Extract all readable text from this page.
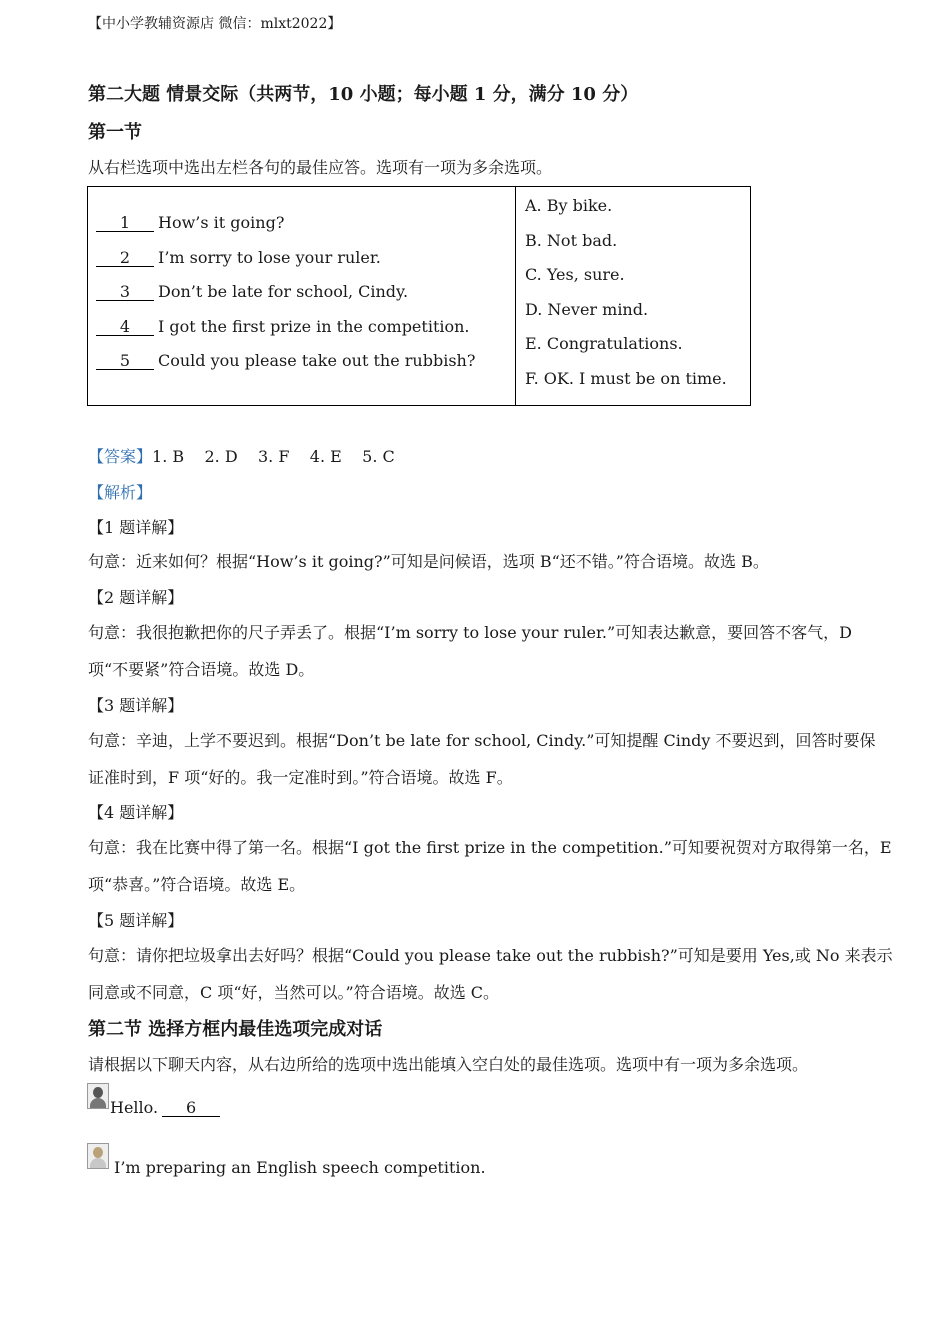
【中小学教辅资源店 微信：mlxt2022】
第二大题 情景交际（共两节，10 小题；每小题 1 分，满分 10 分）
第一节
从右栏选项中选出左栏各句的最佳应答。选项有一项为多余选项。
1 How’s it going?
2 I’m sorry to lose your ruler.
3 Don’t be late for school, Cindy.
4 I got the first prize in the competition.
5 Could you please take out the rubbish?
A. By bike.
B. Not bad.
C. Yes, sure.
D. Never mind.
E. Congratulations.
F. OK. I must be on time.
【答案】1. B    2. D    3. F    4. E    5. C
【解析】
【1 题详解】
句意：近来如何？根据“How’s it going?”可知是问候语，选项 B“还不错。”符合语境。故选 B。
【2 题详解】
句意：我很抱歉把你的尺子弄丢了。根据“I’m sorry to lose your ruler.”可知表达歉意，要回答不客气，D
项“不要紧”符合语境。故选 D。
【3 题详解】
句意：辛迪，上学不要迟到。根据“Don’t be late for school, Cindy.”可知提醒 Cindy 不要迟到，回答时要保
证准时到，F 项“好的。我一定准时到。”符合语境。故选 F。
【4 题详解】
句意：我在比赛中得了第一名。根据“I got the first prize in the competition.”可知要祝贺对方取得第一名，E
项“恭喜。”符合语境。故选 E。
【5 题详解】
句意：请你把垃圾拿出去好吗？根据“Could you please take out the rubbish?”可知是要用 Yes,或 No 来表示
同意或不同意，C 项“好，当然可以。”符合语境。故选 C。
第二节 选择方框内最佳选项完成对话
请根据以下聊天内容，从右边所给的选项中选出能填入空白处的最佳选项。选项中有一项为多余选项。
Hello. 6
I’m preparing an English speech competition.
